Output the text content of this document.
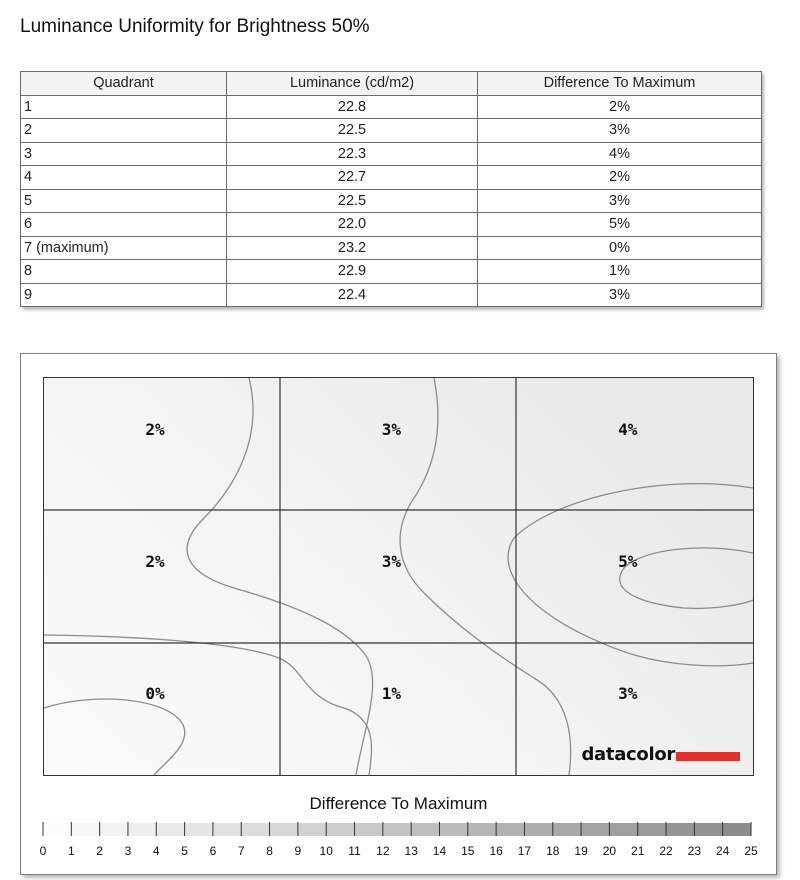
Luminance Uniformity for Brightness 50%
Quadrant	Luminance (cd/m2)	Difference To Maximum
1	22.8	2%
2	22.5	3%
3	22.3	4%
4	22.7	2%
5	22.5	3%
6	22.0	5%
7 (maximum)	23.2	0%
8	22.9	1%
9	22.4	3%
2%	3%	4%
2%	3%	5%
0%	1%	3%
datacolor
Difference To Maximum
0 1 2 3 4 5 6 7 8 9 10 11 12 13 14 15 16 17 18 19 20 21 22 23 24 25
